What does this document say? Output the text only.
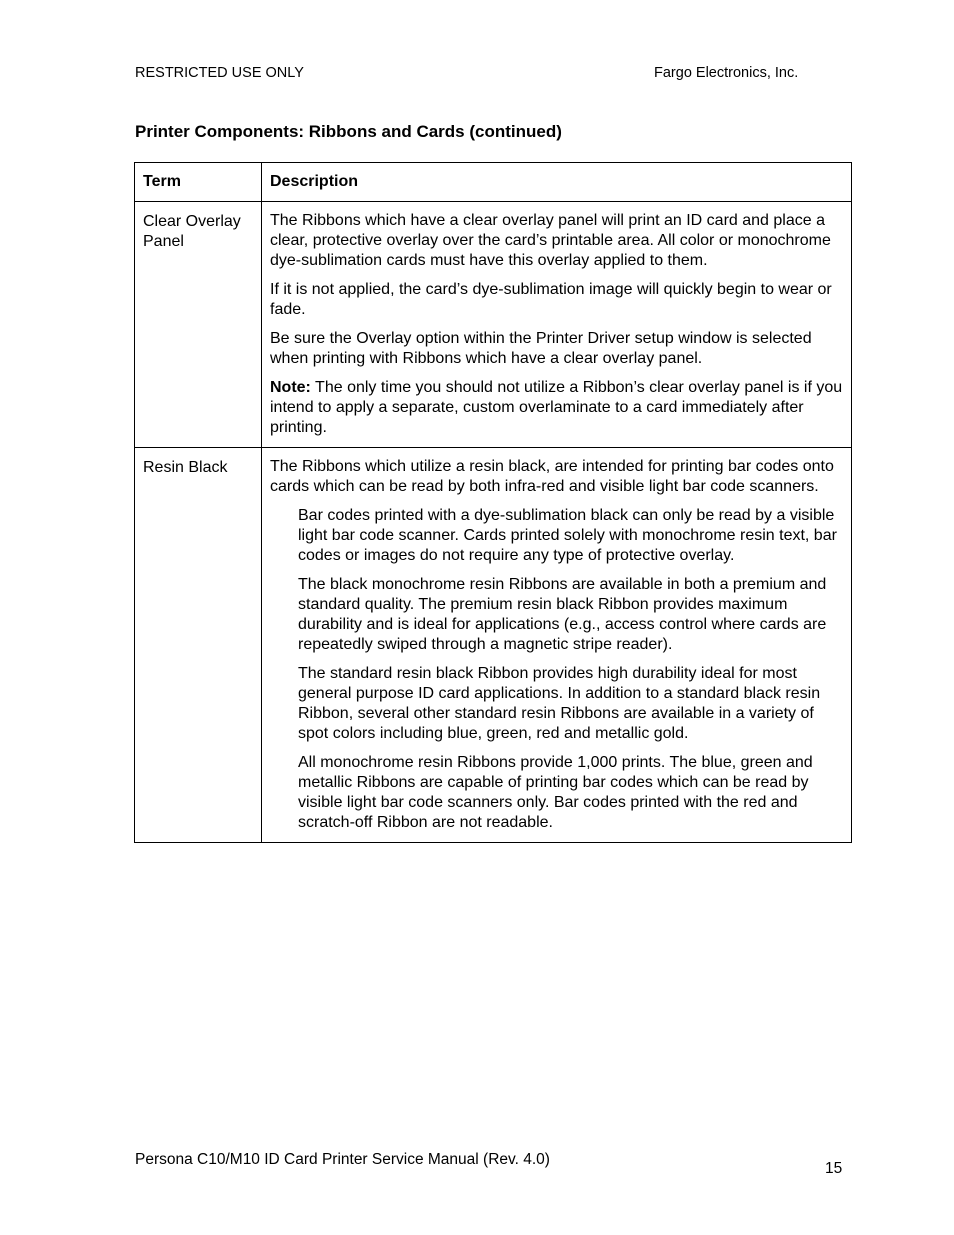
RESTRICTED USE ONLY	Fargo Electronics, Inc.
Printer Components: Ribbons and Cards (continued)
Term	Description
Clear Overlay Panel	The Ribbons which have a clear overlay panel will print an ID card and place a clear, protective overlay over the card’s printable area. All color or monochrome dye-sublimation cards must have this overlay applied to them.

If it is not applied, the card’s dye-sublimation image will quickly begin to wear or fade.

Be sure the Overlay option within the Printer Driver setup window is selected when printing with Ribbons which have a clear overlay panel.

Note: The only time you should not utilize a Ribbon’s clear overlay panel is if you intend to apply a separate, custom overlaminate to a card immediately after printing.

Resin Black	The Ribbons which utilize a resin black, are intended for printing bar codes onto cards which can be read by both infra-red and visible light bar code scanners.

Bar codes printed with a dye-sublimation black can only be read by a visible light bar code scanner. Cards printed solely with monochrome resin text, bar codes or images do not require any type of protective overlay.

The black monochrome resin Ribbons are available in both a premium and standard quality. The premium resin black Ribbon provides maximum durability and is ideal for applications (e.g., access control where cards are repeatedly swiped through a magnetic stripe reader).

The standard resin black Ribbon provides high durability ideal for most general purpose ID card applications. In addition to a standard black resin Ribbon, several other standard resin Ribbons are available in a variety of spot colors including blue, green, red and metallic gold.

All monochrome resin Ribbons provide 1,000 prints. The blue, green and metallic Ribbons are capable of printing bar codes which can be read by visible light bar code scanners only. Bar codes printed with the red and scratch-off Ribbon are not readable.

Persona C10/M10 ID Card Printer Service Manual (Rev. 4.0)
15
